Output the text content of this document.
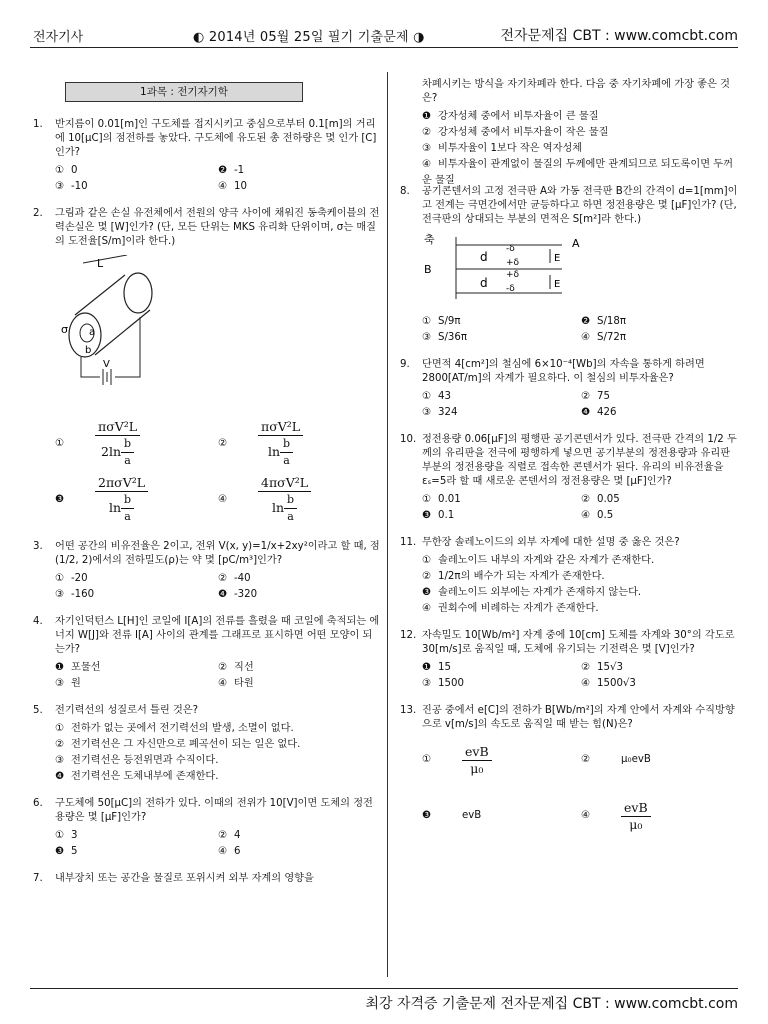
전자기사	◐ 2014년 05월 25일 필기 기출문제 ◑	전자문제집 CBT : www.comcbt.com
1과목 : 전기자기학
1.	반지름이 0.01[m]인 구도체를 접지시키고 중심으로부터 0.1[m]의 거리에 10[μC]의 점전하를 놓았다. 구도체에 유도된 총 전하량은 몇 인가 [C]인가?
① 0	❷ -1
③ -10	④ 10
2.	그림과 같은 손실 유전체에서 전원의 양극 사이에 채워진 동축케이블의 전력손실은 몇 [W]인가? (단, 모든 단위는 MKS 유리화 단위이며, σ는 매질의 도전율[S/m]이라 한다.)
L
σ a
b
V
①	$\frac{\text{πσV²L}}{2\ln \frac{b}{a}}$	②	$\frac{\text{πσV²L}}{\ln \frac{b}{a}}$
❸	$\frac{\text{2πσV²L}}{\ln \frac{b}{a}}$	④	$\frac{\text{4πσV²L}}{\ln \frac{b}{a}}$
3.	어떤 공간의 비유전율은 2이고, 전위 V(x, y)=1/x+2xy²이라고 할 때, 점 (1/2, 2)에서의 전하밀도(ρ)는 약 몇 [pC/m³]인가?
① -20	② -40
③ -160	❹ -320
4.	자기인덕턴스 L[H]인 코일에 I[A]의 전류를 흘렸을 때 코일에 축적되는 에너지 W[J]와 전류 I[A] 사이의 관계를 그래프로 표시하면 어떤 모양이 되는가?
❶ 포물선	② 직선
③ 원	④ 타원
5.	전기력선의 성질로서 틀린 것은?
① 전하가 없는 곳에서 전기력선의 발생, 소멸이 없다.
② 전기력선은 그 자신만으로 폐곡선이 되는 일은 없다.
③ 전기력선은 등전위면과 수직이다.
❹ 전기력선은 도체내부에 존재한다.
6.	구도체에 50[μC]의 전하가 있다. 이때의 전위가 10[V]이면 도체의 정전용량은 몇 [μF]인가?
① 3	② 4
❸ 5	④ 6
7.	내부장치 또는 공간을 물질로 포위시켜 외부 자계의 영향을
차폐시키는 방식을 자기차폐라 한다. 다음 중 자기차폐에 가장 좋은 것은?
❶ 강자성체 중에서 비투자율이 큰 물질
② 강자성체 중에서 비투자율이 작은 물질
③ 비투자율이 1보다 작은 역자성체
④ 비투자율이 관계없이 물질의 두께에만 관계되므로 되도록이면 두꺼운 물질
8.	공기콘덴서의 고정 전극판 A와 가동 전극판 B간의 간격이 d=1[mm]이고 전계는 극면간에서만 균등하다고 하면 정전용량은 몇 [μF]인가? (단, 전극판의 상대되는 부분의 면적은 S[m²]라 한다.)
축	A
B
d
d
-δ
+δ
+δ
-δ
E
E
① S/9π	❷ S/18π
③ S/36π	④ S/72π
9.	단면적 4[cm²]의 철심에 6×10⁻⁴[Wb]의 자속을 통하게 하려면 2800[AT/m]의 자계가 필요하다. 이 철심의 비투자율은?
① 43	② 75
③ 324	❹ 426
10. 정전용량 0.06[μF]의 평행판 공기콘덴서가 있다. 전극판 간격의 1/2 두께의 유리판을 전극에 평행하게 넣으면 공기부분의 정전용량과 유리판 부분의 정전용량을 직렬로 접속한 콘덴서가 된다. 유리의 비유전율을 εₛ=5라 할 때 새로운 콘덴서의 정전용량은 몇 [μF]인가?
① 0.01	② 0.05
❸ 0.1	④ 0.5
11. 무한장 솔레노이드의 외부 자계에 대한 설명 중 옳은 것은?
① 솔레노이드 내부의 자계와 같은 자계가 존재한다.
② 1/2π의 배수가 되는 자계가 존재한다.
❸ 솔레노이드 외부에는 자계가 존재하지 않는다.
④ 권회수에 비례하는 자계가 존재한다.
12. 자속밀도 10[Wb/m²] 자계 중에 10[cm] 도체를 자계와 30°의 각도로 30[m/s]로 움직일 때, 도체에 유기되는 기전력은 몇 [V]인가?
❶ 15	② 15√3
③ 1500	④ 1500√3
13. 진공 중에서 e[C]의 전하가 B[Wb/m²]의 자계 안에서 자계와 수직방향으로 v[m/s]의 속도로 움직일 때 받는 힘(N)은?
①	$\frac{\text{evB}}{\text{μ₀}}$	②	μ₀evB
❸	evB	④	$\frac{\text{evB}}{\text{μ₀}}$
최강 자격증 기출문제 전자문제집 CBT : www.comcbt.com
